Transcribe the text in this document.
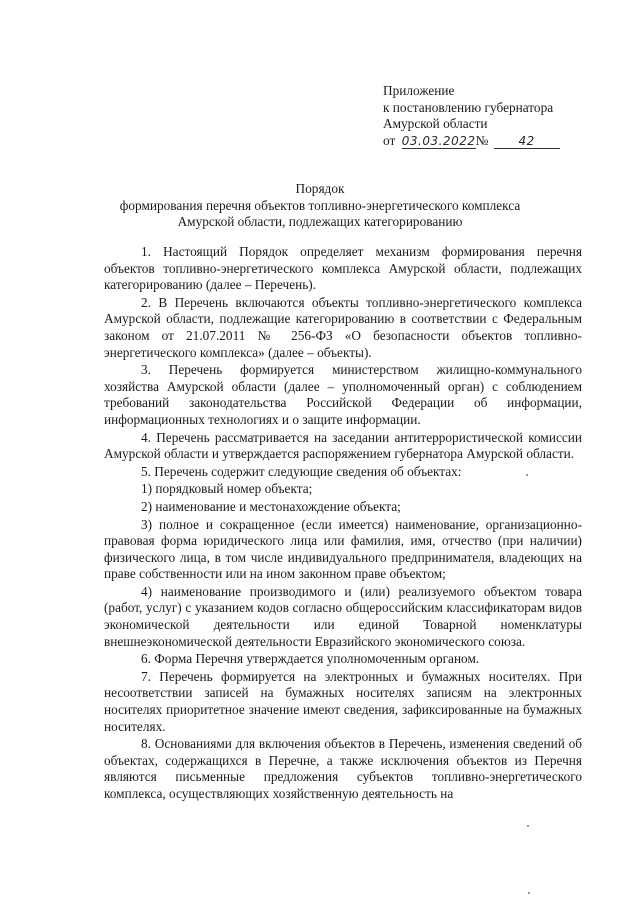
Приложение
к постановлению губернатора
Амурской области
от 03.03.2022№	42
Порядок
формирования перечня объектов топливно-энергетического комплекса
Амурской области, подлежащих категорированию

1. Настоящий Порядок определяет механизм формирования перечня объектов топливно-энергетического комплекса Амурской области, подлежащих категорированию (далее – Перечень).

2. В Перечень включаются объекты топливно-энергетического комплекса Амурской области, подлежащие категорированию в соответствии с Федеральным законом от 21.07.2011 № 256-ФЗ «О безопасности объектов топливно-энергетического комплекса» (далее – объекты).

3. Перечень формируется министерством жилищно-коммунального хозяйства Амурской области (далее – уполномоченный орган) с соблюдением требований законодательства Российской Федерации об информации, информационных технологиях и о защите информации.

4. Перечень рассматривается на заседании антитеррористической комиссии Амурской области и утверждается распоряжением губернатора Амурской области.

5. Перечень содержит следующие сведения об объектах:

1) порядковый номер объекта;

2) наименование и местонахождение объекта;

3) полное и сокращенное (если имеется) наименование, организационно-правовая форма юридического лица или фамилия, имя, отчество (при наличии) физического лица, в том числе индивидуального предпринимателя, владеющих на праве собственности или на ином законном праве объектом;

4) наименование производимого и (или) реализуемого объектом товара (работ, услуг) с указанием кодов согласно общероссийским классификаторам видов экономической деятельности или единой Товарной номенклатуры внешнеэкономической деятельности Евразийского экономического союза.

6. Форма Перечня утверждается уполномоченным органом.

7. Перечень формируется на электронных и бумажных носителях. При несоответствии записей на бумажных носителях записям на электронных носителях приоритетное значение имеют сведения, зафиксированные на бумажных носителях.

8. Основаниями для включения объектов в Перечень, изменения сведений об объектах, содержащихся в Перечне, а также исключения объектов из Перечня являются письменные предложения субъектов топливно-энергетического комплекса, осуществляющих хозяйственную деятельность на
